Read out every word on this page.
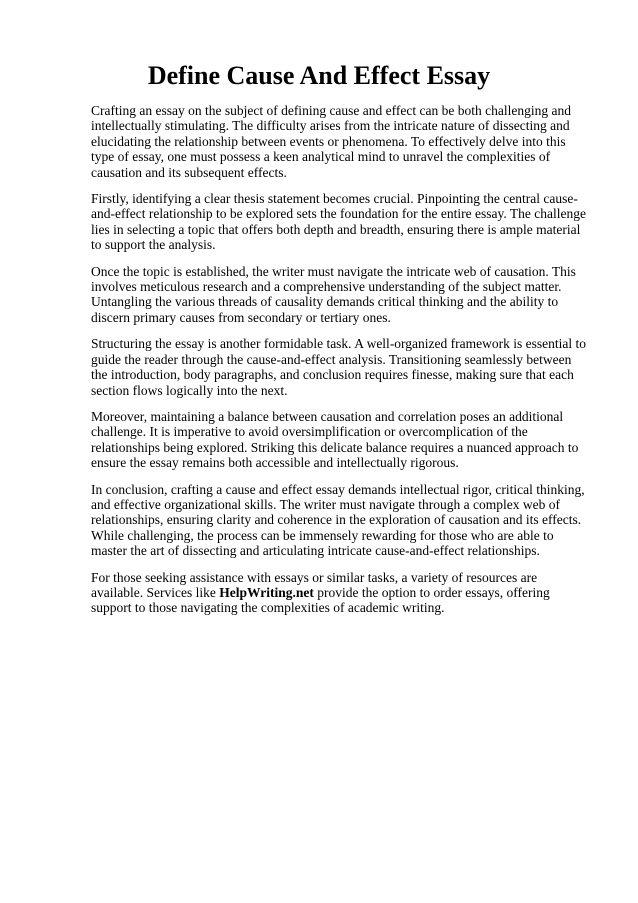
Define Cause And Effect Essay

Crafting an essay on the subject of defining cause and effect can be both challenging and intellectually stimulating. The difficulty arises from the intricate nature of dissecting and elucidating the relationship between events or phenomena. To effectively delve into this type of essay, one must possess a keen analytical mind to unravel the complexities of causation and its subsequent effects.

Firstly, identifying a clear thesis statement becomes crucial. Pinpointing the central cause-and-effect relationship to be explored sets the foundation for the entire essay. The challenge lies in selecting a topic that offers both depth and breadth, ensuring there is ample material to support the analysis.

Once the topic is established, the writer must navigate the intricate web of causation. This involves meticulous research and a comprehensive understanding of the subject matter. Untangling the various threads of causality demands critical thinking and the ability to discern primary causes from secondary or tertiary ones.

Structuring the essay is another formidable task. A well-organized framework is essential to guide the reader through the cause-and-effect analysis. Transitioning seamlessly between the introduction, body paragraphs, and conclusion requires finesse, making sure that each section flows logically into the next.

Moreover, maintaining a balance between causation and correlation poses an additional challenge. It is imperative to avoid oversimplification or overcomplication of the relationships being explored. Striking this delicate balance requires a nuanced approach to ensure the essay remains both accessible and intellectually rigorous.

In conclusion, crafting a cause and effect essay demands intellectual rigor, critical thinking, and effective organizational skills. The writer must navigate through a complex web of relationships, ensuring clarity and coherence in the exploration of causation and its effects. While challenging, the process can be immensely rewarding for those who are able to master the art of dissecting and articulating intricate cause-and-effect relationships.

For those seeking assistance with essays or similar tasks, a variety of resources are available. Services like HelpWriting.net provide the option to order essays, offering support to those navigating the complexities of academic writing.
